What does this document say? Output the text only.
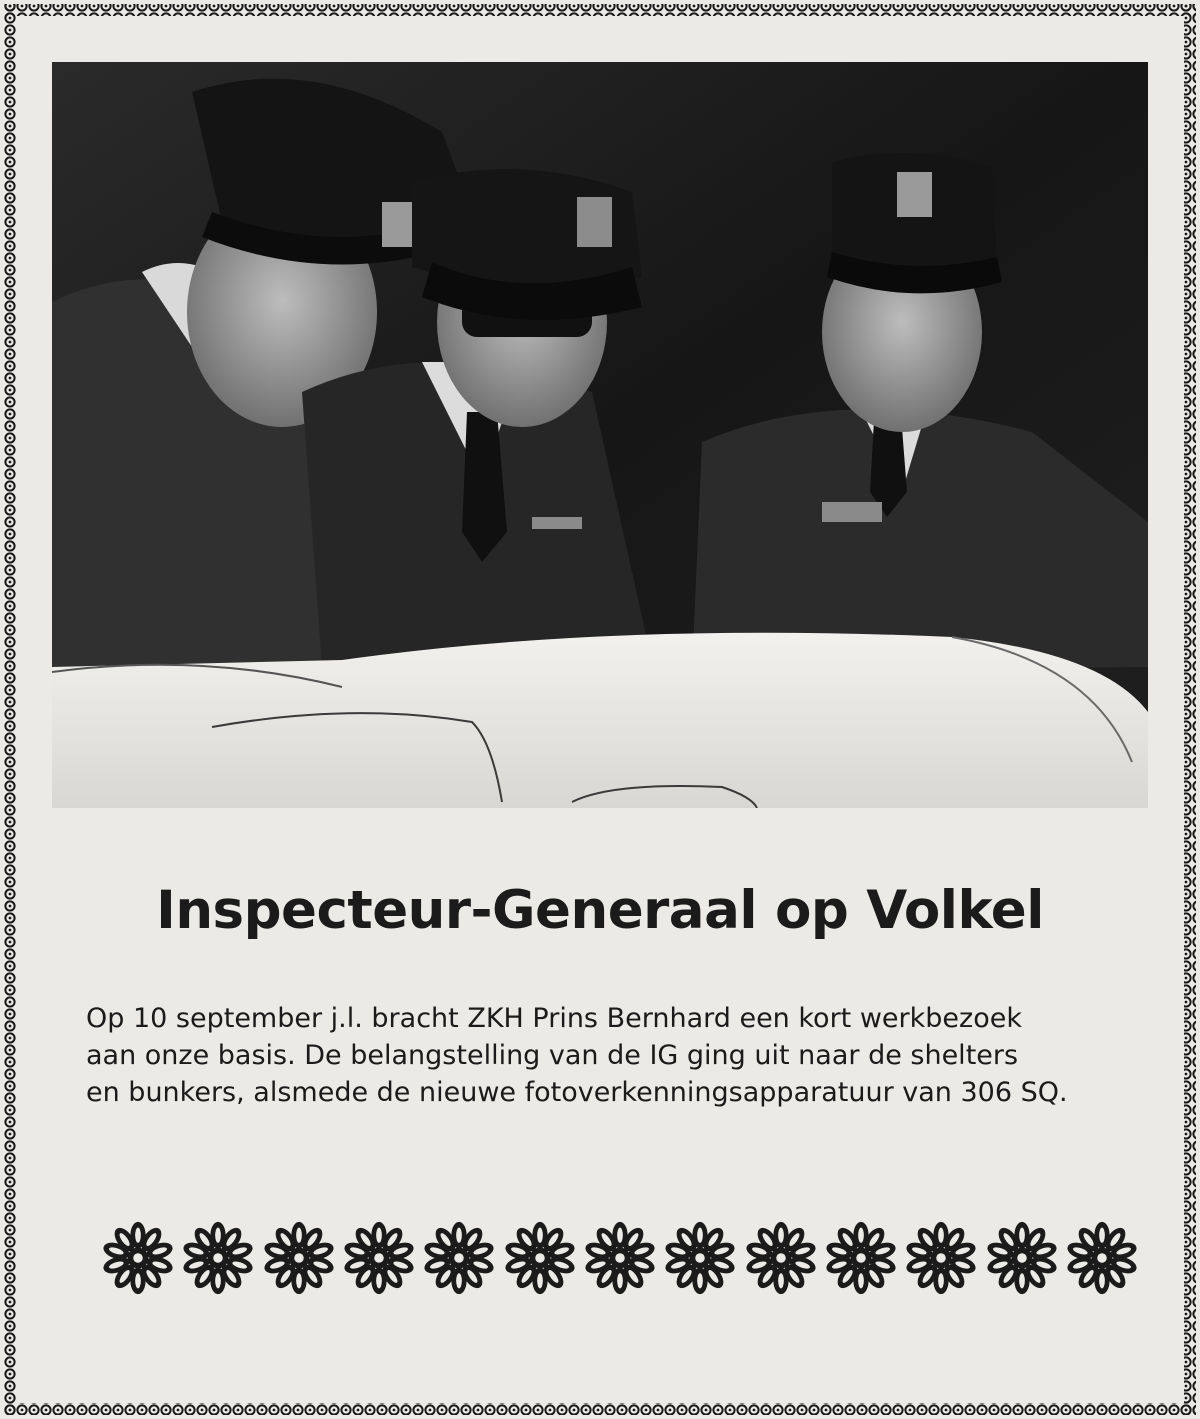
Inspecteur-Generaal op Volkel
Op 10 september j.l. bracht ZKH Prins Bernhard een kort werkbezoek
aan onze basis. De belangstelling van de IG ging uit naar de shelters
en bunkers, alsmede de nieuwe fotoverkenningsapparatuur van 306 SQ.
